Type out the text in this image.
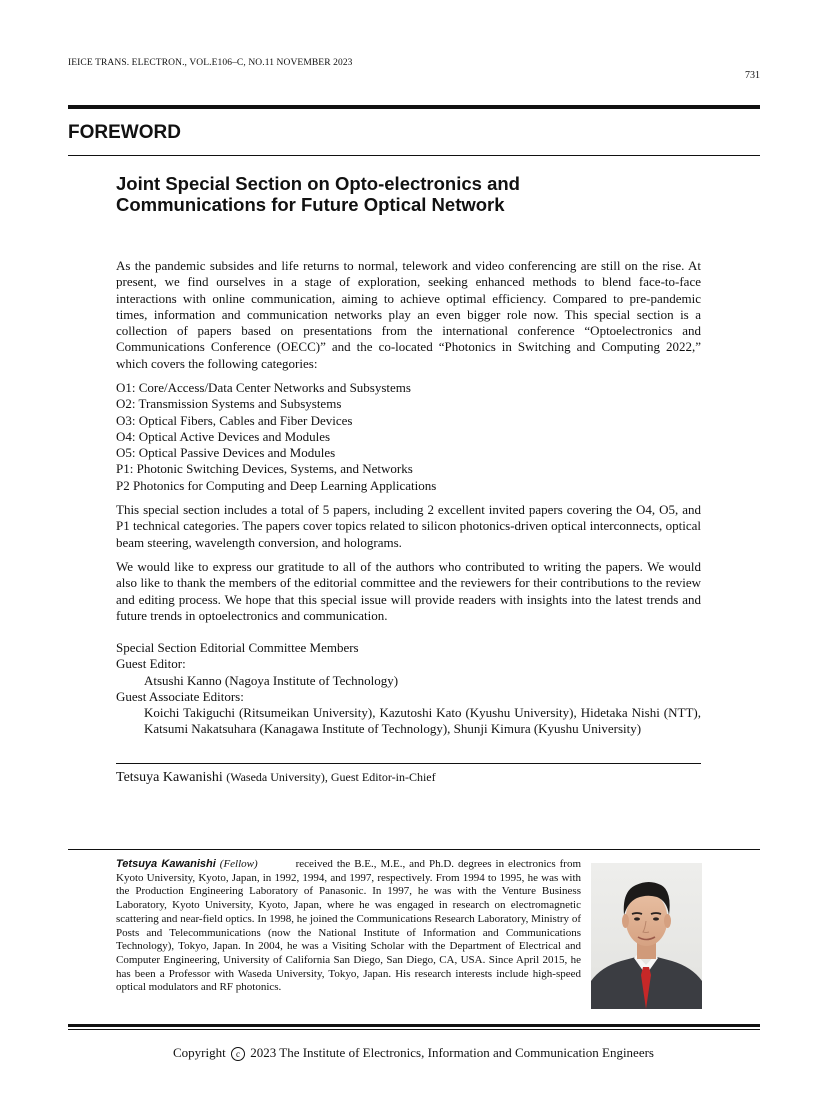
IEICE TRANS. ELECTRON., VOL.E106–C, NO.11 NOVEMBER 2023
731
FOREWORD
Joint Special Section on Opto-electronics and
Communications for Future Optical Network

As the pandemic subsides and life returns to normal, telework and video conferencing are still on the rise. At present, we find ourselves in a stage of exploration, seeking enhanced methods to blend face-to-face interactions with online communication, aiming to achieve optimal efficiency. Compared to pre-pandemic times, information and communication networks play an even bigger role now. This special section is a collection of papers based on presentations from the international conference “Optoelectronics and Communications Conference (OECC)” and the co-located “Photonics in Switching and Computing 2022,” which covers the following categories:

O1: Core/Access/Data Center Networks and Subsystems
O2: Transmission Systems and Subsystems
O3: Optical Fibers, Cables and Fiber Devices
O4: Optical Active Devices and Modules
O5: Optical Passive Devices and Modules
P1: Photonic Switching Devices, Systems, and Networks
P2 Photonics for Computing and Deep Learning Applications

This special section includes a total of 5 papers, including 2 excellent invited papers covering the O4, O5, and P1 technical categories. The papers cover topics related to silicon photonics-driven optical interconnects, optical beam steering, wavelength conversion, and holograms.

We would like to express our gratitude to all of the authors who contributed to writing the papers. We would also like to thank the members of the editorial committee and the reviewers for their contributions to the review and editing process. We hope that this special issue will provide readers with insights into the latest trends and future trends in optoelectronics and communication.

Special Section Editorial Committee Members
Guest Editor:
Atsushi Kanno (Nagoya Institute of Technology)
Guest Associate Editors:
Koichi Takiguchi (Ritsumeikan University), Kazutoshi Kato (Kyushu University), Hidetaka Nishi (NTT), Katsumi Nakatsuhara (Kanagawa Institute of Technology), Shunji Kimura (Kyushu University)
Tetsuya Kawanishi (Waseda University), Guest Editor-in-Chief
Tetsuya Kawanishi (Fellow)	received the B.E., M.E., and Ph.D. degrees in electronics from Kyoto University, Kyoto, Japan, in 1992, 1994, and 1997, respectively. From 1994 to 1995, he was with the Production Engineering Laboratory of Panasonic. In 1997, he was with the Venture Business Laboratory, Kyoto University, Kyoto, Japan, where he was engaged in research on electromagnetic scattering and near-field optics. In 1998, he joined the Communications Research Laboratory, Ministry of Posts and Telecommunications (now the National Institute of Information and Communications Technology), Tokyo, Japan. In 2004, he was a Visiting Scholar with the Department of Electrical and Computer Engineering, University of California San Diego, San Diego, CA, USA. Since April 2015, he has been a Professor with Waseda University, Tokyo, Japan. His research interests include high-speed optical modulators and RF photonics.
Copyright c 2023 The Institute of Electronics, Information and Communication Engineers
